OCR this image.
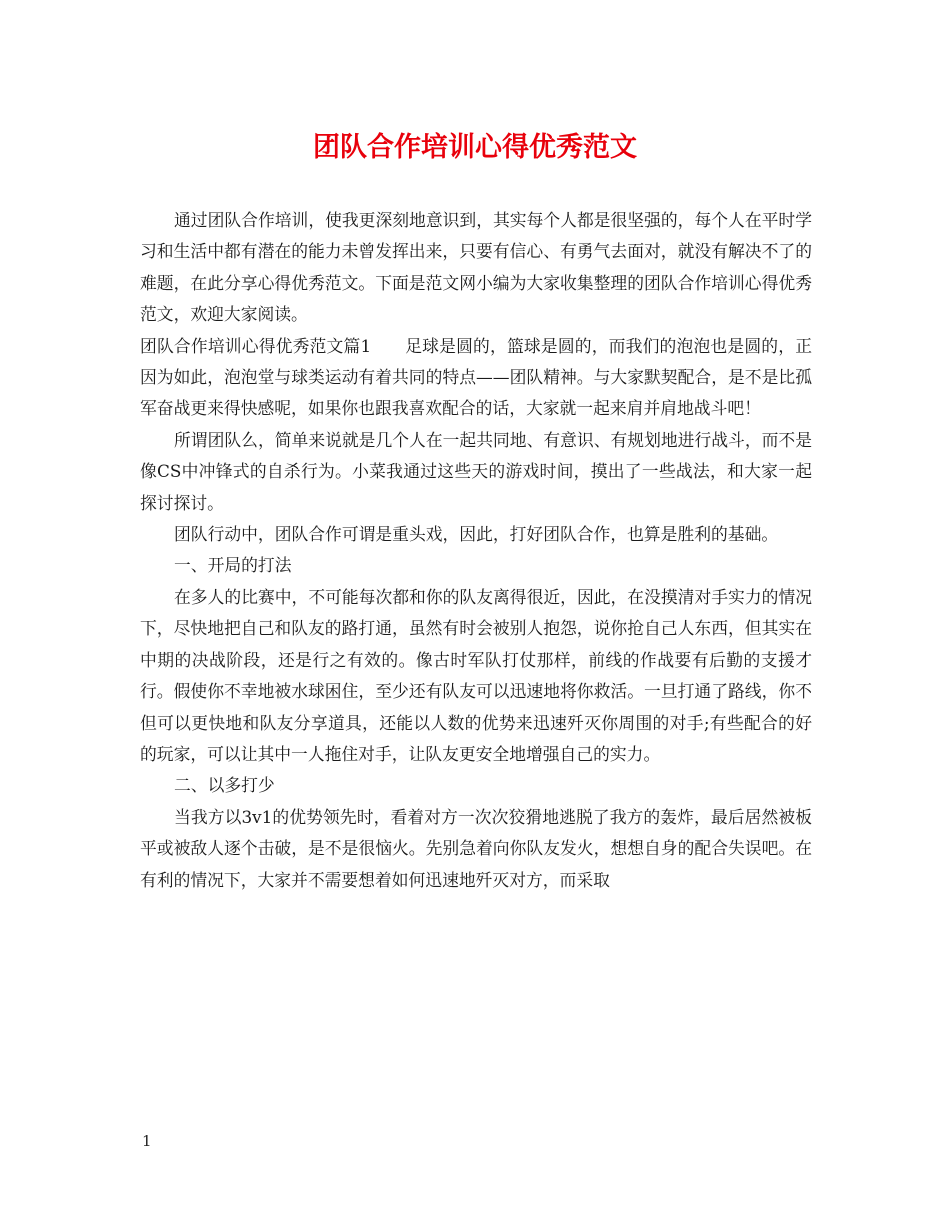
团队合作培训心得优秀范文

通过团队合作培训，使我更深刻地意识到，其实每个人都是很坚强的，每个人在平时学习和生活中都有潜在的能力未曾发挥出来，只要有信心、有勇气去面对，就没有解决不了的难题，在此分享心得优秀范文。下面是范文网小编为大家收集整理的团队合作培训心得优秀范文，欢迎大家阅读。

团队合作培训心得优秀范文篇1　　足球是圆的，篮球是圆的，而我们的泡泡也是圆的，正因为如此，泡泡堂与球类运动有着共同的特点——团队精神。与大家默契配合，是不是比孤军奋战更来得快感呢，如果你也跟我喜欢配合的话，大家就一起来肩并肩地战斗吧！

所谓团队么，简单来说就是几个人在一起共同地、有意识、有规划地进行战斗，而不是像CS中冲锋式的自杀行为。小菜我通过这些天的游戏时间，摸出了一些战法，和大家一起探讨探讨。

团队行动中，团队合作可谓是重头戏，因此，打好团队合作，也算是胜利的基础。

一、开局的打法

在多人的比赛中，不可能每次都和你的队友离得很近，因此，在没摸清对手实力的情况下，尽快地把自己和队友的路打通，虽然有时会被别人抱怨，说你抢自己人东西，但其实在中期的决战阶段，还是行之有效的。像古时军队打仗那样，前线的作战要有后勤的支援才行。假使你不幸地被水球困住，至少还有队友可以迅速地将你救活。一旦打通了路线，你不但可以更快地和队友分享道具，还能以人数的优势来迅速歼灭你周围的对手;有些配合的好的玩家，可以让其中一人拖住对手，让队友更安全地增强自己的实力。

二、以多打少

当我方以3v1的优势领先时，看着对方一次次狡猾地逃脱了我方的轰炸，最后居然被板平或被敌人逐个击破，是不是很恼火。先别急着向你队友发火，想想自身的配合失误吧。在有利的情况下，大家并不需要想着如何迅速地歼灭对方，而采取

1
